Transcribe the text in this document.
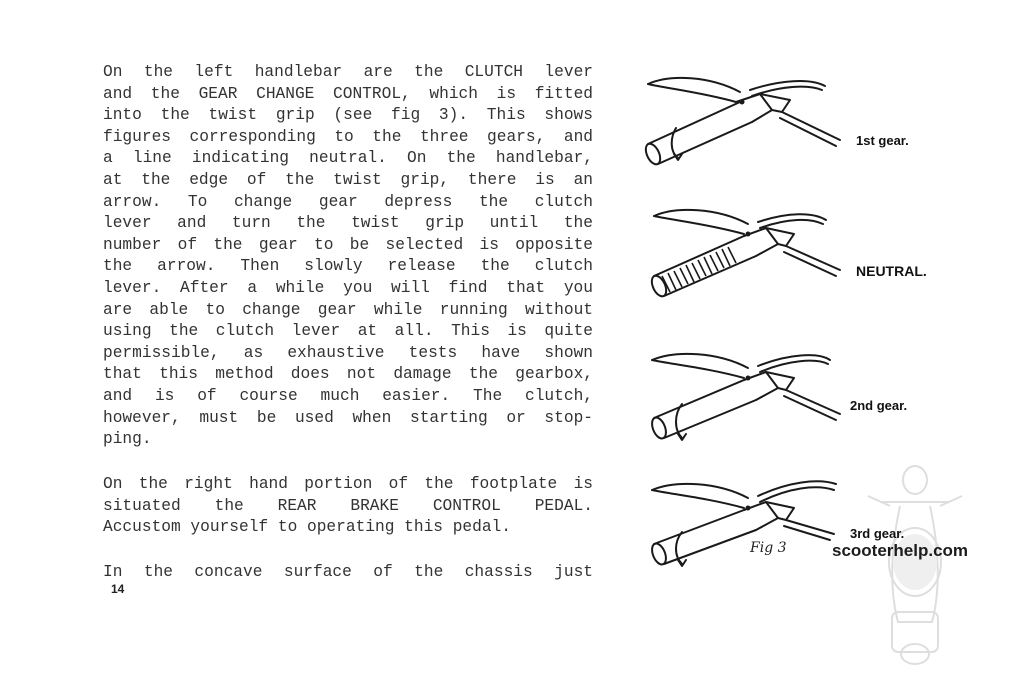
On the left handlebar are the CLUTCH lever
and the GEAR CHANGE CONTROL, which is fitted
into the twist grip (see fig 3). This shows
figures corresponding to the three gears, and
a line indicating neutral. On the handlebar,
at the edge of the twist grip, there is an
arrow. To change gear depress the clutch
lever and turn the twist grip until the
number of the gear to be selected is opposite
the arrow. Then slowly release the clutch
lever. After a while you will find that you
are able to change gear while running without
using the clutch lever at all. This is quite
permissible, as exhaustive tests have shown
that this method does not damage the gearbox,
and is of course much easier. The clutch,
however, must be used when starting or stop-
ping.
On the right hand portion of the footplate is
situated the REAR BRAKE CONTROL PEDAL.
Accustom yourself to operating this pedal.
In the concave surface of the chassis just
14
1st gear.
NEUTRAL.
2nd gear.
Fig 3
3rd gear.
scooterhelp.com
